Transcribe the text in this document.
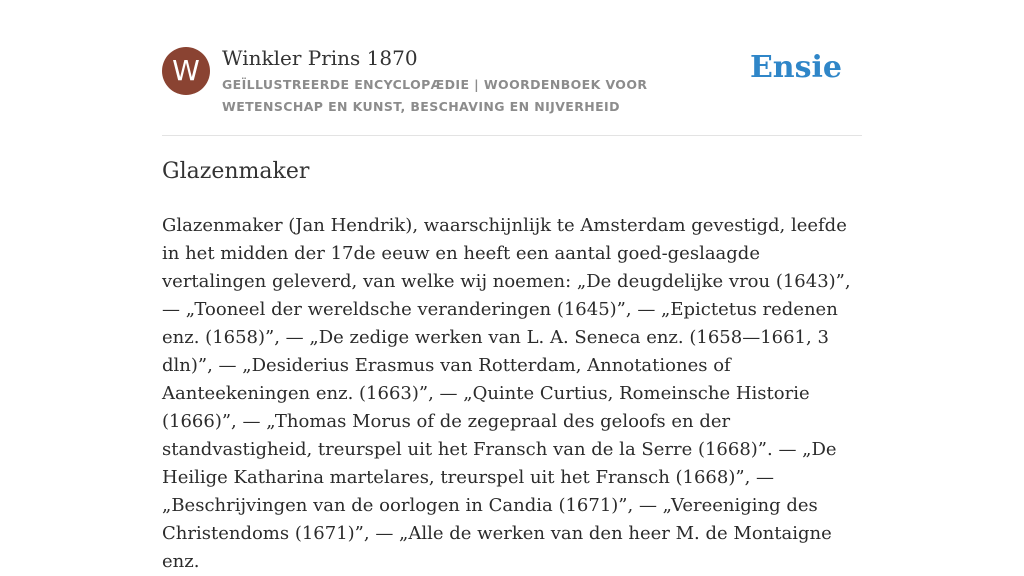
W	Winkler Prins 1870
GEÏLLUSTREERDE ENCYCLOPÆDIE | WOORDENBOEK VOOR WETENSCHAP EN KUNST, BESCHAVING EN NIJVERHEID
Ensie
Glazenmaker

Glazenmaker (Jan Hendrik), waarschijnlijk te Amsterdam gevestigd, leefde in het midden der 17de eeuw en heeft een aantal goed-geslaagde vertalingen geleverd, van welke wij noemen: „De deugdelijke vrou (1643)”,— „Tooneel der wereldsche veranderingen (1645)”, — „Epictetus redenen enz. (1658)”, — „De zedige werken van L. A. Seneca enz. (1658—1661, 3 dln)”, — „Desiderius Erasmus van Rotterdam, Annotationes of Aanteekeningen enz. (1663)”, — „Quinte Curtius, Romeinsche Historie (1666)”, — „Thomas Morus of de zegepraal des geloofs en der standvastigheid, treurspel uit het Fransch van de la Serre (1668)”. — „De Heilige Katharina martelares, treurspel uit het Fransch (1668)”, — „Beschrijvingen van de oorlogen in Candia (1671)”, — „Vereeniging des Christendoms (1671)”, — „Alle de werken van den heer M. de Montaigne enz.
